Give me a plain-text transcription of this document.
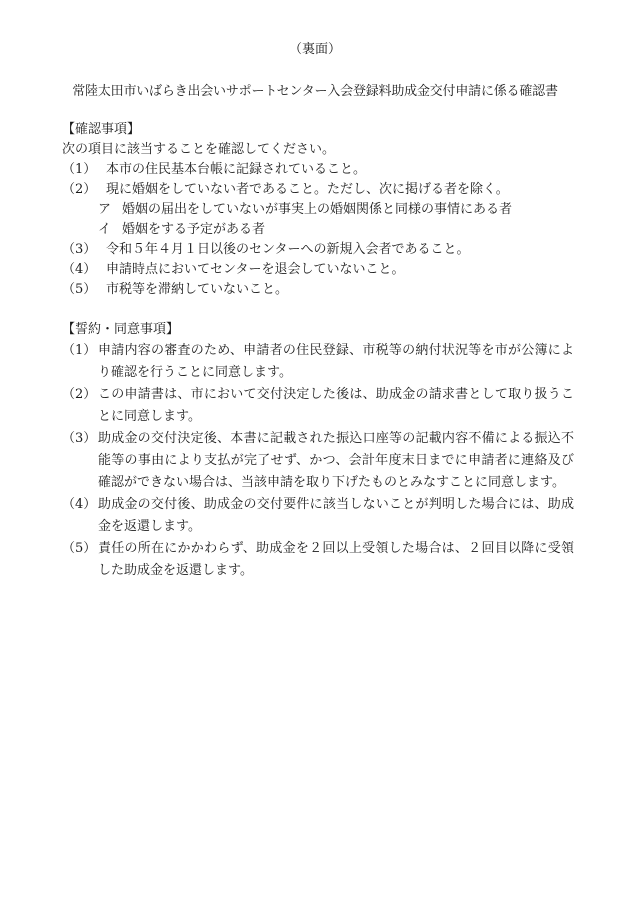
（裏面）
常陸太田市いばらき出会いサポートセンター入会登録料助成金交付申請に係る確認書
【確認事項】
次の項目に該当することを確認してください。
（1） 本市の住民基本台帳に記録されていること。
（2） 現に婚姻をしていない者であること。ただし、次に掲げる者を除く。
ア 婚姻の届出をしていないが事実上の婚姻関係と同様の事情にある者
イ 婚姻をする予定がある者
（3） 令和５年４月１日以後のセンターへの新規入会者であること。
（4） 申請時点においてセンターを退会していないこと。
（5） 市税等を滞納していないこと。
【誓約・同意事項】
（1） 申請内容の審査のため、申請者の住民登録、市税等の納付状況等を市が公簿により確認を行うことに同意します。
（2） この申請書は、市において交付決定した後は、助成金の請求書として取り扱うことに同意します。
（3） 助成金の交付決定後、本書に記載された振込口座等の記載内容不備による振込不能等の事由により支払が完了せず、かつ、会計年度末日までに申請者に連絡及び確認ができない場合は、当該申請を取り下げたものとみなすことに同意します。
（4） 助成金の交付後、助成金の交付要件に該当しないことが判明した場合には、助成金を返還します。
（5） 責任の所在にかかわらず、助成金を２回以上受領した場合は、２回目以降に受領した助成金を返還します。
